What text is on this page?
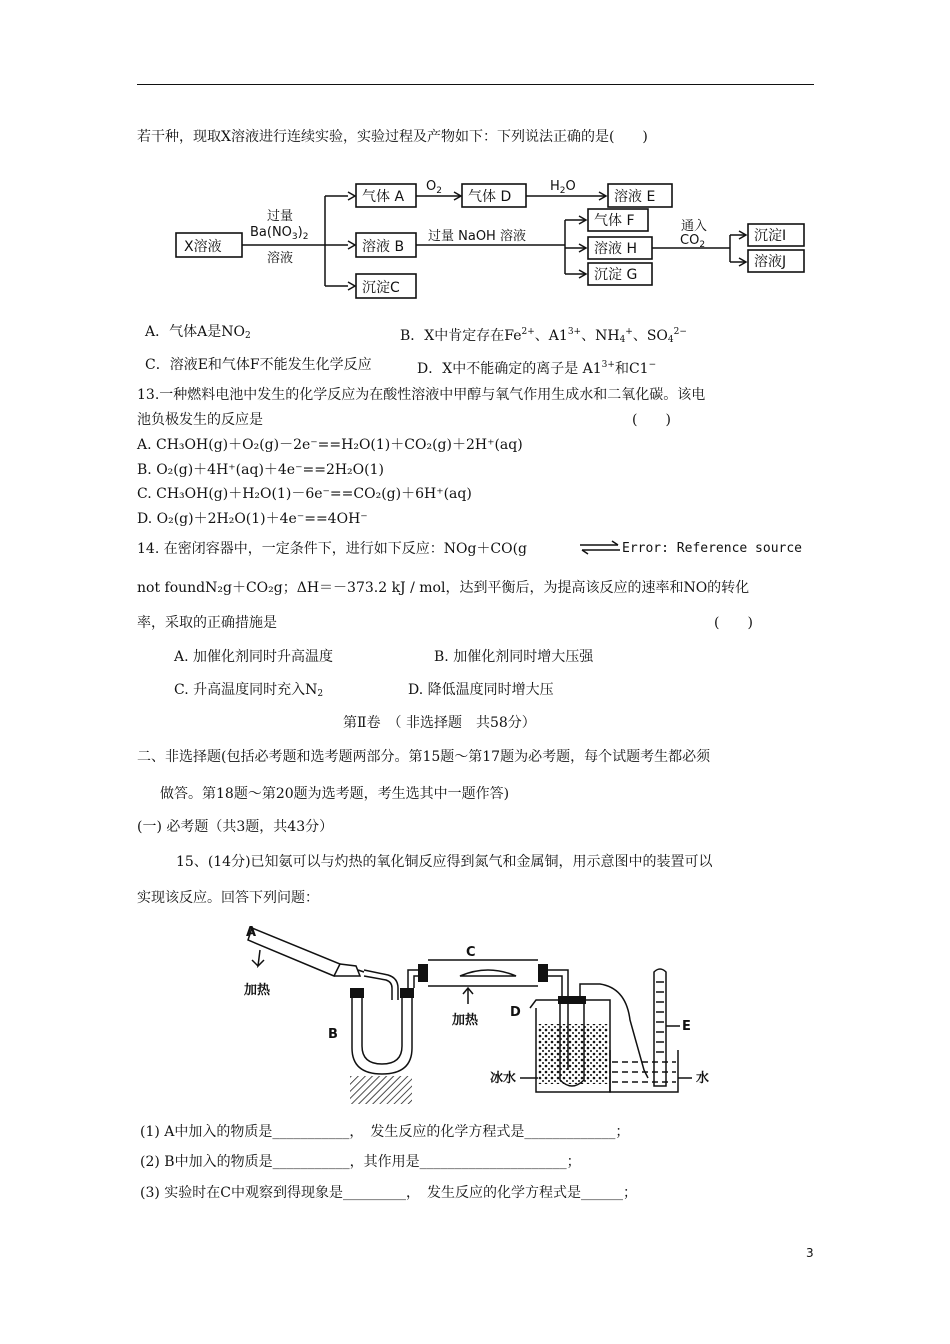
若干种，现取X溶液进行连续实验，实验过程及产物如下：下列说法正确的是(　　)
X溶液
过量
$Ba(NO_3)_2$
溶液
气体 A
$O_2$ 气体 D
$H_2O$
溶液 E
溶液 B
过量 NaOH 溶液
气体 F
溶液 H
沉淀 G
通入
$CO_2$
沉淀I
溶液J
沉淀C
A．气体A是$NO_2$	B．X中肯定存在$Fe^{2+}$、$A1^{3+}$、$NH_4^+$、$SO_4^{2-}$
C．溶液E和气体F不能发生化学反应	D．X中不能确定的离子是 $A1^{3+}$和C1−
13.一种燃料电池中发生的化学反应为在酸性溶液中甲醇与氧气作用生成水和二氧化碳。该电
池负极发生的反应是	(　　)
A. CH₃OH(g)＋O₂(g)－2e⁻==H₂O(1)＋CO₂(g)＋2H⁺(aq)
B. O₂(g)＋4H⁺(aq)＋4e⁻==2H₂O(1)
C. CH₃OH(g)＋H₂O(1)－6e⁻==CO₂(g)＋6H⁺(aq)
D. O₂(g)＋2H₂O(1)＋4e⁻==4OH⁻
14. 在密闭容器中，一定条件下，进行如下反应：NOg＋CO(g	⇌ Error: Reference source
not foundN₂g＋CO₂g；ΔH＝－373.2 kJ / mol，达到平衡后，为提高该反应的速率和NO的转化
率，采取的正确措施是	(　　)
A. 加催化剂同时升高温度	B. 加催化剂同时增大压强
C. 升高温度同时充入$N_2$	D. 降低温度同时增大压
第Ⅱ卷　（ 非选择题　共58分）
二、非选择题(包括必考题和选考题两部分。第15题～第17题为必考题，每个试题考生都必须
做答。第18题～第20题为选考题，考生选其中一题作答)
(一) 必考题（共3题，共43分）
15、(14分)已知氨可以与灼热的氧化铜反应得到氮气和金属铜，用示意图中的装置可以
实现该反应。回答下列问题：
A
加热
B
C
加热
D
冰水
E
水
(1) A中加入的物质是___________，　发生反应的化学方程式是_____________；
(2) B中加入的物质是___________，其作用是_____________________；
(3) 实验时在C中观察到得现象是_________，　发生反应的化学方程式是______；
3
